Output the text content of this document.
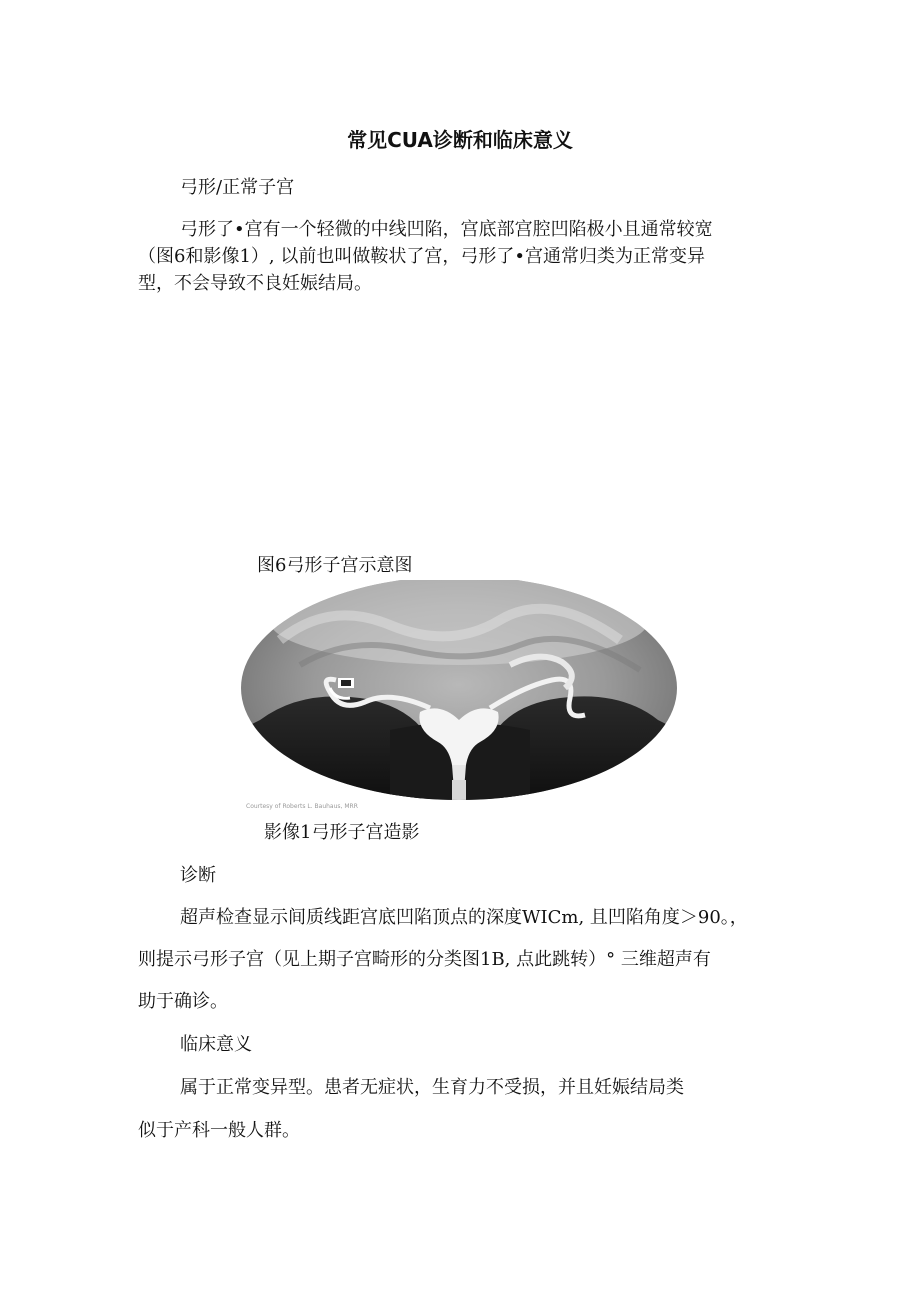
常见CUA诊断和临床意义

弓形/正常子宫

弓形了•宫有一个轻微的中线凹陷，宫底部宫腔凹陷极小且通常较宽

（图6和影像1）, 以前也叫做鞍状了宫，弓形了•宫通常归类为正常变异

型，不会导致不良妊娠结局。

图6弓形子宫示意图

Courtesy of Roberts L. Bauhaus, MRR

影像1弓形子宫造影

诊断

超声检查显示间质线距宫底凹陷顶点的深度WICm, 且凹陷角度＞90。，

则提示弓形子宫（见上期子宫畸形的分类图1B, 点此跳转）° 三维超声有

助于确诊。

临床意义

属于正常变异型。患者无症状，生育力不受损，并且妊娠结局类

似于产科一般人群。
